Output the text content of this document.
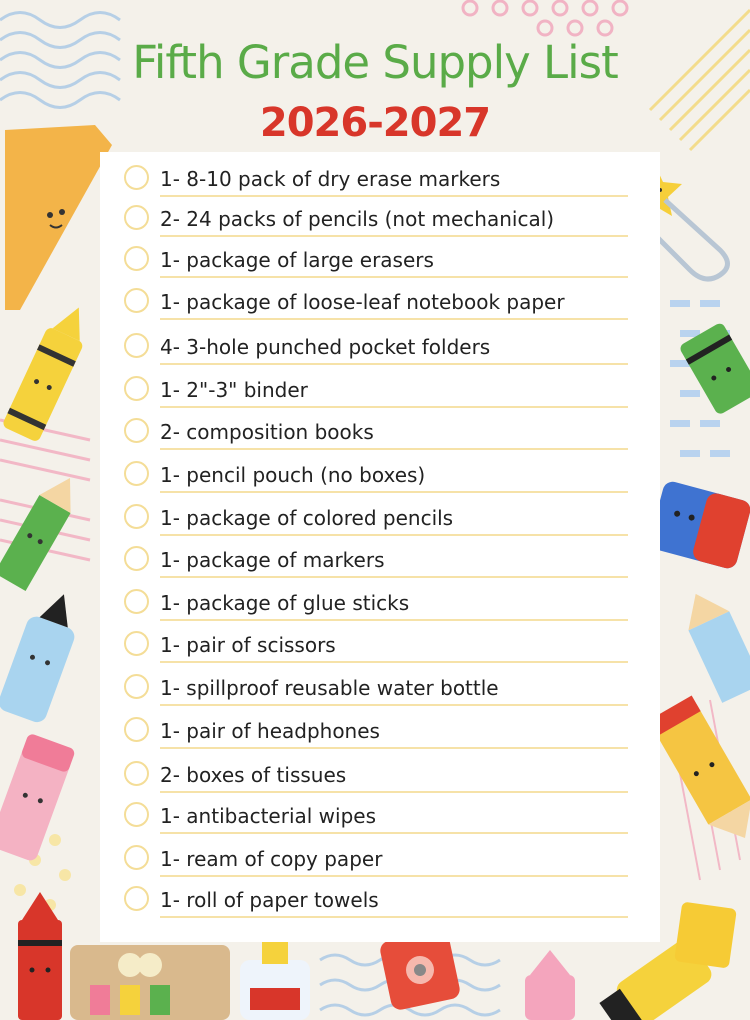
Fifth Grade Supply List
2026-2027
1- 8-10 pack of dry erase markers
2- 24 packs of pencils (not mechanical)
1- package of large erasers
1- package of loose-leaf notebook paper
4- 3-hole punched pocket folders
1- 2"-3" binder
2- composition books
1- pencil pouch (no boxes)
1- package of colored pencils
1- package of markers
1- package of glue sticks
1- pair of scissors
1- spillproof reusable water bottle
1- pair of headphones
2- boxes of tissues
1- antibacterial wipes
1- ream of copy paper
1- roll of paper towels
